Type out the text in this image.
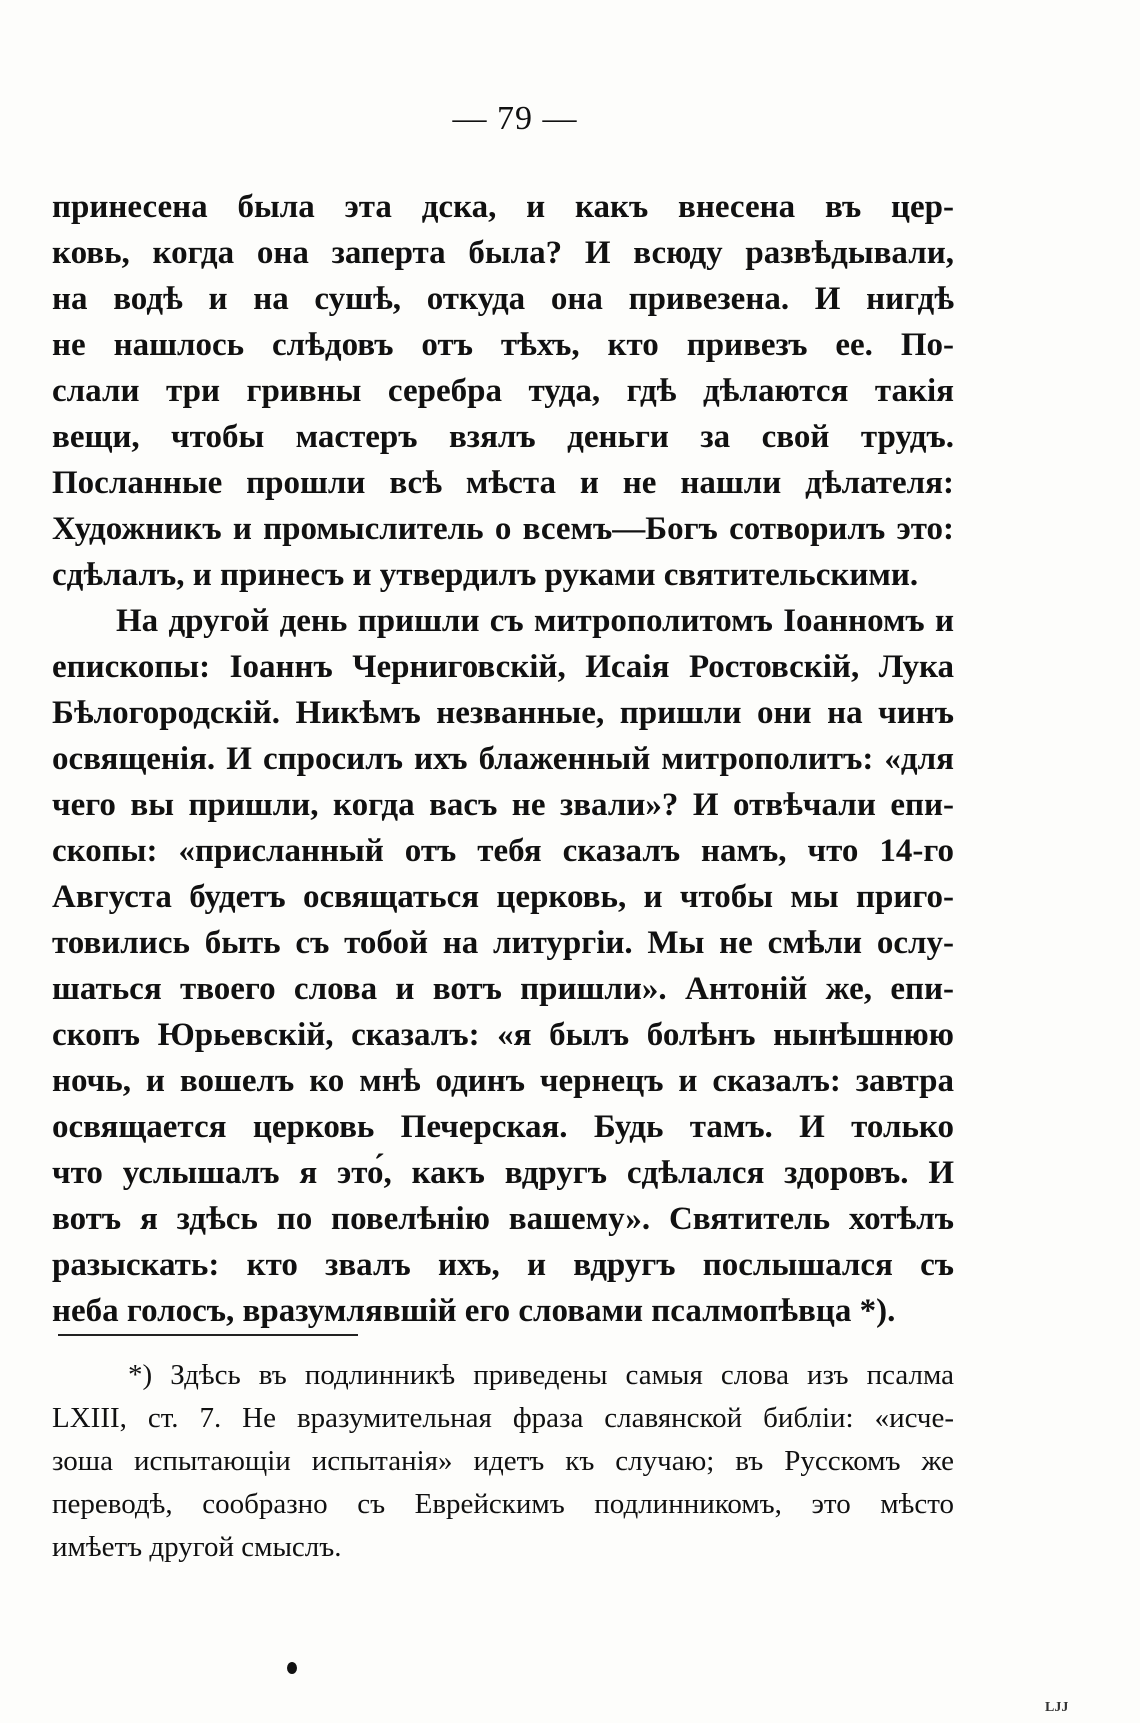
— 79 —
принесена была эта дска, и какъ внесена въ цер-
ковь, когда она заперта была? И всюду развѣдывали,
на водѣ и на сушѣ, откуда она привезена. И нигдѣ
не нашлось слѣдовъ отъ тѣхъ, кто привезъ ее. По-
слали три гривны серебра туда, гдѣ дѣлаются такія
вещи, чтобы мастеръ взялъ деньги за свой трудъ.
Посланные прошли всѣ мѣста и не нашли дѣлателя:
Художникъ и промыслитель о всемъ—Богъ сотворилъ это:
сдѣлалъ, и принесъ и утвердилъ руками святительскими.
На другой день пришли съ митрополитомъ Іоанномъ и
епископы: Іоаннъ Черниговскій, Исаія Ростовскій, Лука
Бѣлогородскій. Никѣмъ незванные, пришли они на чинъ
освященія. И спросилъ ихъ блаженный митрополитъ: «для
чего вы пришли, когда васъ не звали»? И отвѣчали епи-
скопы: «присланный отъ тебя сказалъ намъ, что 14-го
Августа будетъ освящаться церковь, и чтобы мы приго-
товились быть съ тобой на литургіи. Мы не смѣли ослу-
шаться твоего слова и вотъ пришли». Антоній же, епи-
скопъ Юрьевскій, сказалъ: «я былъ болѣнъ нынѣшнюю
ночь, и вошелъ ко мнѣ одинъ чернецъ и сказалъ: завтра
освящается церковь Печерская. Будь тамъ. И только
что услышалъ я это́, какъ вдругъ сдѣлался здоровъ. И
вотъ я здѣсь по повелѣнію вашему». Святитель хотѣлъ
разыскать: кто звалъ ихъ, и вдругъ послышался съ
неба голосъ, вразумлявшій его словами псалмопѣвца *).
*) Здѣсь въ подлинникѣ приведены самыя слова изъ псалма
LXIII, ст. 7. Не вразумительная фраза славянской библіи: «исче-
зоша испытающіи испытанія» идетъ къ случаю; въ Русскомъ же
переводѣ, сообразно съ Еврейскимъ подлинникомъ, это мѣсто
имѣетъ другой смыслъ.
LJJ
